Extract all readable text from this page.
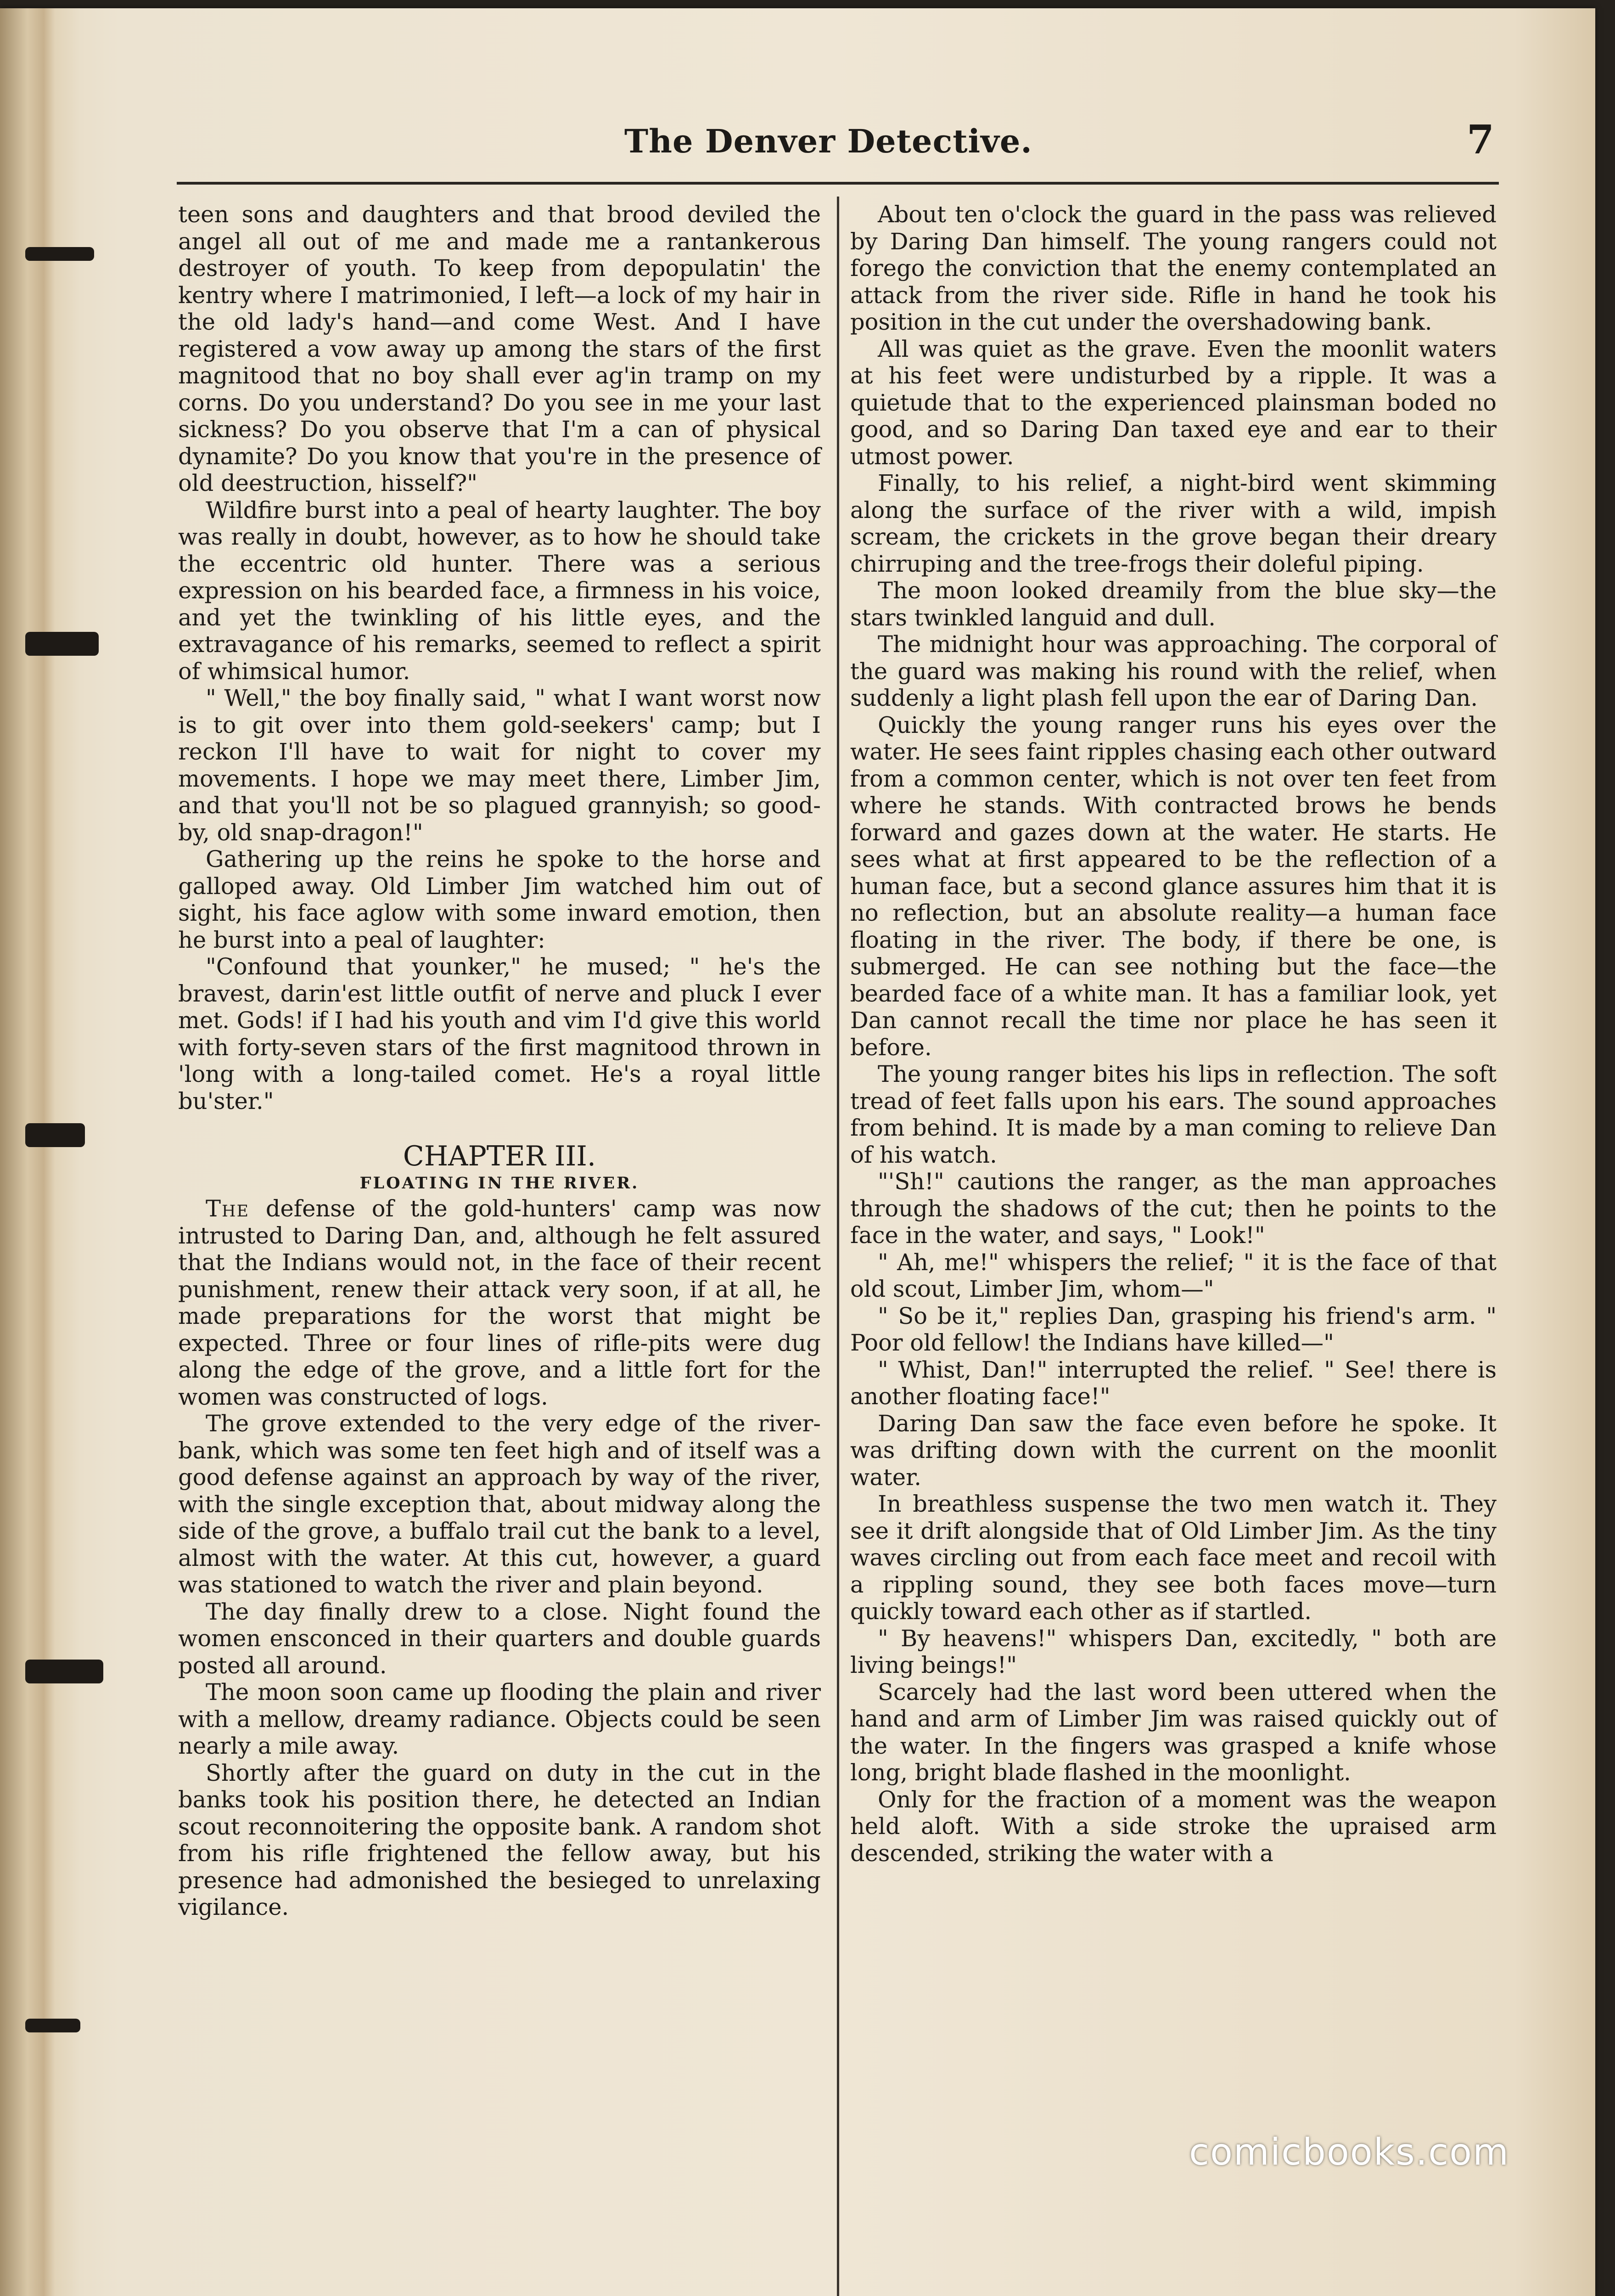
The Denver Detective.	7

teen sons and daughters and that brood deviled the angel all out of me and made me a rantankerous destroyer of youth. To keep from depopulatin' the kentry where I matrimonied, I left—a lock of my hair in the old lady's hand—and come West. And I have registered a vow away up among the stars of the first magnitood that no boy shall ever ag'in tramp on my corns. Do you understand? Do you see in me your last sickness? Do you observe that I'm a can of physical dynamite? Do you know that you're in the presence of old deestruction, hisself?"

Wildfire burst into a peal of hearty laughter. The boy was really in doubt, however, as to how he should take the eccentric old hunter. There was a serious expression on his bearded face, a firmness in his voice, and yet the twinkling of his little eyes, and the extravagance of his remarks, seemed to reflect a spirit of whimsical humor.

" Well," the boy finally said, " what I want worst now is to git over into them gold-seekers' camp; but I reckon I'll have to wait for night to cover my movements. I hope we may meet there, Limber Jim, and that you'll not be so plagued grannyish; so good-by, old snap-dragon!"

Gathering up the reins he spoke to the horse and galloped away. Old Limber Jim watched him out of sight, his face aglow with some inward emotion, then he burst into a peal of laughter:

"Confound that younker," he mused; " he's the bravest, darin'est little outfit of nerve and pluck I ever met. Gods! if I had his youth and vim I'd give this world with forty-seven stars of the first magnitood thrown in 'long with a long-tailed comet. He's a royal little bu'ster."

CHAPTER III.
FLOATING IN THE RIVER.

The defense of the gold-hunters' camp was now intrusted to Daring Dan, and, although he felt assured that the Indians would not, in the face of their recent punishment, renew their attack very soon, if at all, he made preparations for the worst that might be expected. Three or four lines of rifle-pits were dug along the edge of the grove, and a little fort for the women was constructed of logs.

The grove extended to the very edge of the river-bank, which was some ten feet high and of itself was a good defense against an approach by way of the river, with the single exception that, about midway along the side of the grove, a buffalo trail cut the bank to a level, almost with the water. At this cut, however, a guard was stationed to watch the river and plain beyond.

The day finally drew to a close. Night found the women ensconced in their quarters and double guards posted all around.

The moon soon came up flooding the plain and river with a mellow, dreamy radiance. Objects could be seen nearly a mile away.

Shortly after the guard on duty in the cut in the banks took his position there, he detected an Indian scout reconnoitering the opposite bank. A random shot from his rifle frightened the fellow away, but his presence had admonished the besieged to unrelaxing vigilance.

About ten o'clock the guard in the pass was relieved by Daring Dan himself. The young rangers could not forego the conviction that the enemy contemplated an attack from the river side. Rifle in hand he took his position in the cut under the overshadowing bank.

All was quiet as the grave. Even the moonlit waters at his feet were undisturbed by a ripple. It was a quietude that to the experienced plainsman boded no good, and so Daring Dan taxed eye and ear to their utmost power.

Finally, to his relief, a night-bird went skimming along the surface of the river with a wild, impish scream, the crickets in the grove began their dreary chirruping and the tree-frogs their doleful piping.

The moon looked dreamily from the blue sky—the stars twinkled languid and dull.

The midnight hour was approaching. The corporal of the guard was making his round with the relief, when suddenly a light plash fell upon the ear of Daring Dan.

Quickly the young ranger runs his eyes over the water. He sees faint ripples chasing each other outward from a common center, which is not over ten feet from where he stands. With contracted brows he bends forward and gazes down at the water. He starts. He sees what at first appeared to be the reflection of a human face, but a second glance assures him that it is no reflection, but an absolute reality—a human face floating in the river. The body, if there be one, is submerged. He can see nothing but the face—the bearded face of a white man. It has a familiar look, yet Dan cannot recall the time nor place he has seen it before.

The young ranger bites his lips in reflection. The soft tread of feet falls upon his ears. The sound approaches from behind. It is made by a man coming to relieve Dan of his watch.

"'Sh!" cautions the ranger, as the man approaches through the shadows of the cut; then he points to the face in the water, and says, " Look!"

" Ah, me!" whispers the relief; " it is the face of that old scout, Limber Jim, whom—"

" So be it," replies Dan, grasping his friend's arm. " Poor old fellow! the Indians have killed—"

" Whist, Dan!" interrupted the relief. " See! there is another floating face!"

Daring Dan saw the face even before he spoke. It was drifting down with the current on the moonlit water.

In breathless suspense the two men watch it. They see it drift alongside that of Old Limber Jim. As the tiny waves circling out from each face meet and recoil with a rippling sound, they see both faces move—turn quickly toward each other as if startled.

" By heavens!" whispers Dan, excitedly, " both are living beings!"

Scarcely had the last word been uttered when the hand and arm of Limber Jim was raised quickly out of the water. In the fingers was grasped a knife whose long, bright blade flashed in the moonlight.

Only for the fraction of a moment was the weapon held aloft. With a side stroke the upraised arm descended, striking the water with a

comicbooks.com
